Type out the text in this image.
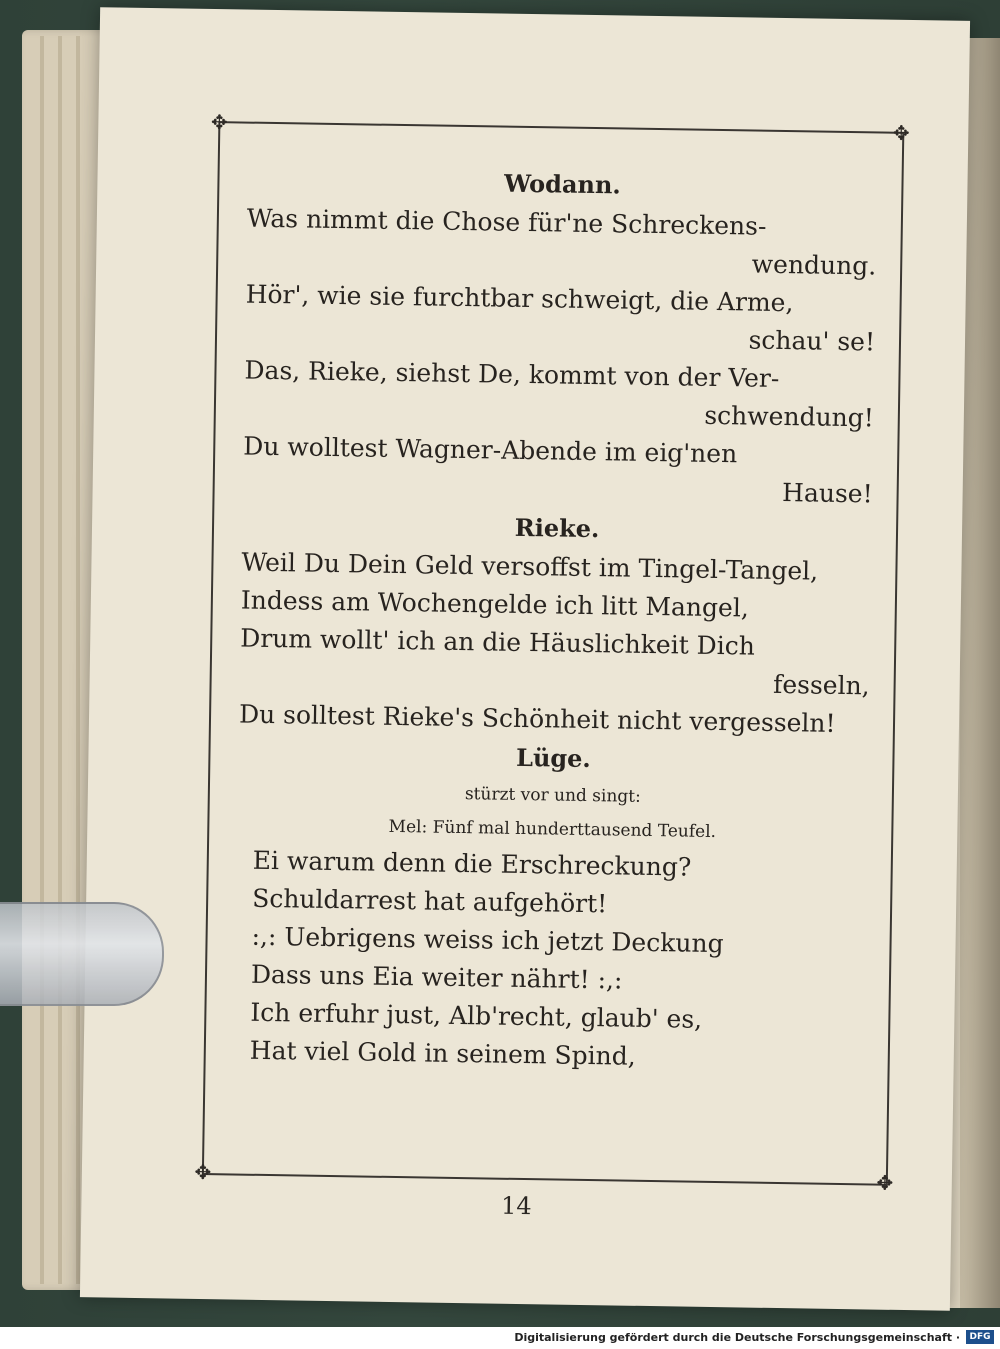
✥	✥
✥	✥
Wodann.
Was nimmt die Chose für'ne Schreckens-
wendung.
Hör', wie sie furchtbar schweigt, die Arme,
schau' se!
Das, Rieke, siehst De, kommt von der Ver-
schwendung!
Du wolltest Wagner-Abende im eig'nen
Hause!
Rieke.
Weil Du Dein Geld versoffst im Tingel-Tangel,
Indess am Wochengelde ich litt Mangel,
Drum wollt' ich an die Häuslichkeit Dich
fesseln,
Du solltest Rieke's Schönheit nicht vergesseln!
Lüge.
stürzt vor und singt:
Mel: Fünf mal hunderttausend Teufel.
Ei warum denn die Erschreckung?
Schuldarrest hat aufgehört!
:,: Uebrigens weiss ich jetzt Deckung
Dass uns Eia weiter nährt! :,:
Ich erfuhr just, Alb'recht, glaub' es,
Hat viel Gold in seinem Spind,
14
Digitalisierung gefördert durch die Deutsche Forschungsgemeinschaft ·	DFG
